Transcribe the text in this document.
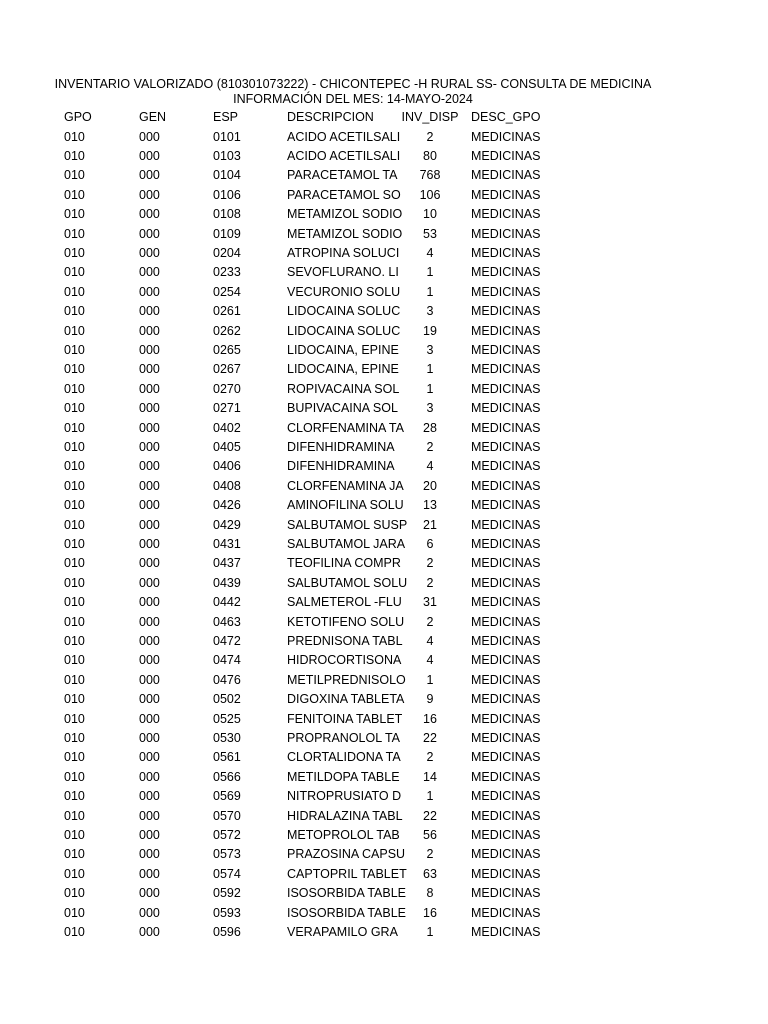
INVENTARIO VALORIZADO (810301073222) - CHICONTEPEC -H RURAL SS- CONSULTA DE MEDICINA
INFORMACIÓN DEL MES: 14-MAYO-2024
GPO	GEN	ESP	DESCRIPCION	INV_DISP DESC_GPO
010	000	0101	ACIDO ACETILSALI	2	MEDICINAS
010	000	0103	ACIDO ACETILSALI	80	MEDICINAS
010	000	0104	PARACETAMOL TA	768	MEDICINAS
010	000	0106	PARACETAMOL SO	106	MEDICINAS
010	000	0108	METAMIZOL SODIO	10	MEDICINAS
010	000	0109	METAMIZOL SODIO	53	MEDICINAS
010	000	0204	ATROPINA SOLUCI	4	MEDICINAS
010	000	0233	SEVOFLURANO. LI	1	MEDICINAS
010	000	0254	VECURONIO SOLU	1	MEDICINAS
010	000	0261	LIDOCAINA SOLUC	3	MEDICINAS
010	000	0262	LIDOCAINA SOLUC	19	MEDICINAS
010	000	0265	LIDOCAINA, EPINE	3	MEDICINAS
010	000	0267	LIDOCAINA, EPINE	1	MEDICINAS
010	000	0270	ROPIVACAINA SOL	1	MEDICINAS
010	000	0271	BUPIVACAINA SOL	3	MEDICINAS
010	000	0402	CLORFENAMINA TA	28	MEDICINAS
010	000	0405	DIFENHIDRAMINA	2	MEDICINAS
010	000	0406	DIFENHIDRAMINA	4	MEDICINAS
010	000	0408	CLORFENAMINA JA	20	MEDICINAS
010	000	0426	AMINOFILINA SOLU	13	MEDICINAS
010	000	0429	SALBUTAMOL SUSP	21	MEDICINAS
010	000	0431	SALBUTAMOL JARA	6	MEDICINAS
010	000	0437	TEOFILINA COMPR	2	MEDICINAS
010	000	0439	SALBUTAMOL SOLU	2	MEDICINAS
010	000	0442	SALMETEROL -FLU	31	MEDICINAS
010	000	0463	KETOTIFENO SOLU	2	MEDICINAS
010	000	0472	PREDNISONA TABL	4	MEDICINAS
010	000	0474	HIDROCORTISONA	4	MEDICINAS
010	000	0476	METILPREDNISOLO	1	MEDICINAS
010	000	0502	DIGOXINA TABLETA	9	MEDICINAS
010	000	0525	FENITOINA TABLET	16	MEDICINAS
010	000	0530	PROPRANOLOL TA	22	MEDICINAS
010	000	0561	CLORTALIDONA TA	2	MEDICINAS
010	000	0566	METILDOPA TABLE	14	MEDICINAS
010	000	0569	NITROPRUSIATO D	1	MEDICINAS
010	000	0570	HIDRALAZINA TABL	22	MEDICINAS
010	000	0572	METOPROLOL TAB	56	MEDICINAS
010	000	0573	PRAZOSINA CAPSU	2	MEDICINAS
010	000	0574	CAPTOPRIL TABLET	63	MEDICINAS
010	000	0592	ISOSORBIDA TABLE	8	MEDICINAS
010	000	0593	ISOSORBIDA TABLE	16	MEDICINAS
010	000	0596	VERAPAMILO GRA	1	MEDICINAS
